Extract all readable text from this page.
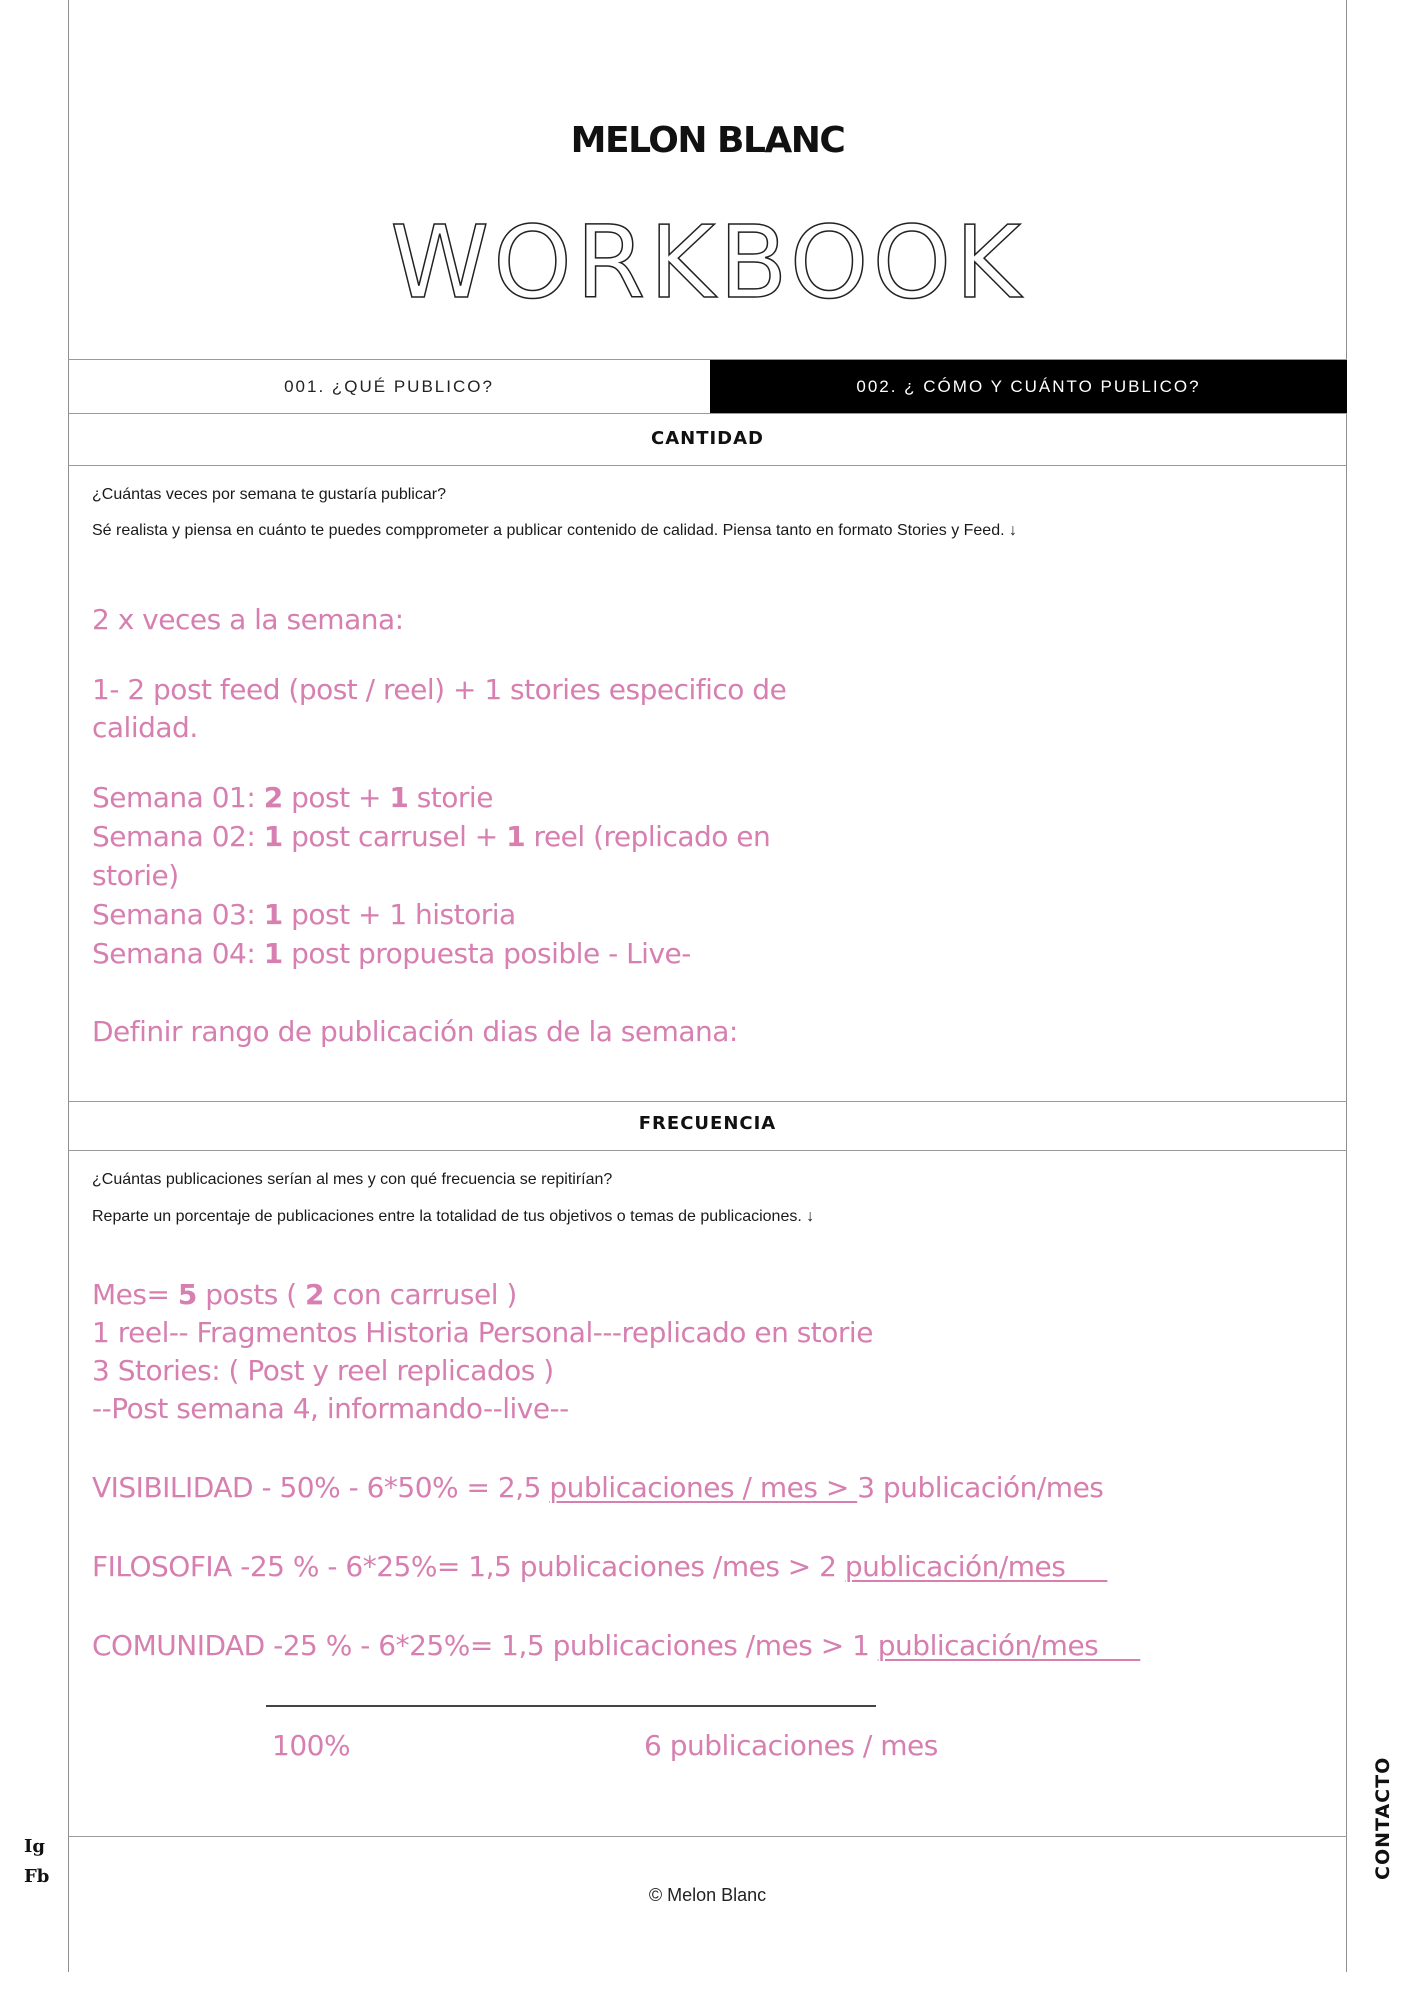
MELON BLANC
WORKBOOK
001. ¿QUÉ PUBLICO?	002. ¿ CÓMO Y CUÁNTO PUBLICO?
CANTIDAD
¿Cuántas veces por semana te gustaría publicar?
Sé realista y piensa en cuánto te puedes compprometer a publicar contenido de calidad. Piensa tanto en formato Stories y Feed. ↓
2 x veces a la semana:
1- 2 post feed (post / reel) + 1 stories especifico de
calidad.
Semana 01: 2 post + 1 storie
Semana 02: 1 post carrusel + 1 reel (replicado en
storie)
Semana 03: 1 post + 1 historia
Semana 04: 1 post propuesta posible - Live-
Definir rango de publicación dias de la semana:
FRECUENCIA
¿Cuántas publicaciones serían al mes y con qué frecuencia se repitirían?
Reparte un porcentaje de publicaciones entre la totalidad de tus objetivos o temas de publicaciones. ↓
Mes= 5 posts ( 2 con carrusel )
1 reel-- Fragmentos Historia Personal---replicado en storie
3 Stories: ( Post y reel replicados )
--Post semana 4, informando--live--
VISIBILIDAD - 50% - 6*50% = 2,5 publicaciones / mes > 3 publicación/mes
FILOSOFIA -25 % - 6*25%= 1,5 publicaciones /mes > 2 publicación/mes
COMUNIDAD -25 % - 6*25%= 1,5 publicaciones /mes > 1 publicación/mes
100%	6 publicaciones / mes
© Melon Blanc
Ig
Fb	CONTACTO
